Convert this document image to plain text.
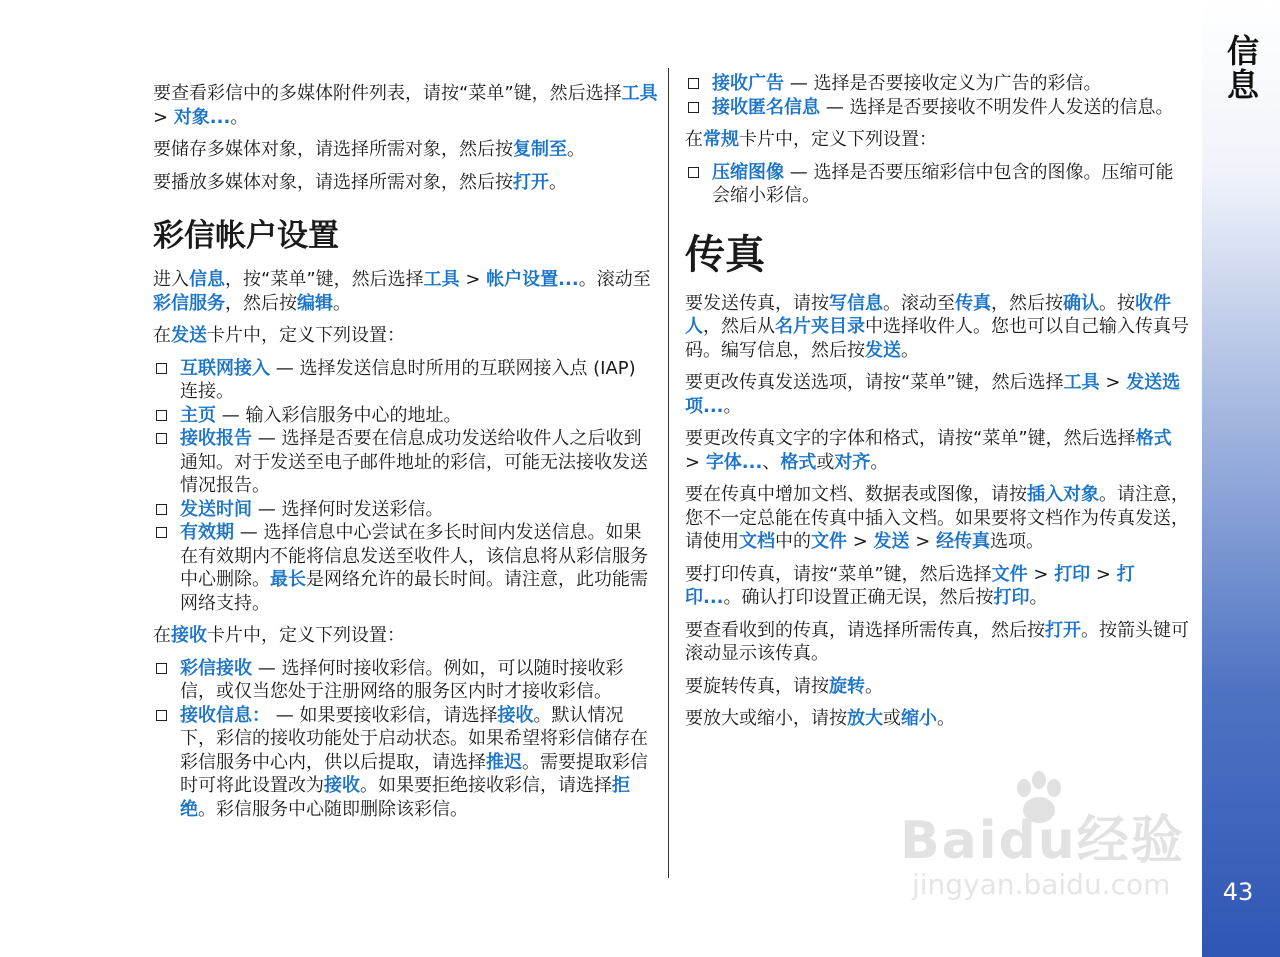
要查看彩信中的多媒体附件列表，请按“菜单”键，然后选择工具 > 对象...。

要储存多媒体对象，请选择所需对象，然后按复制至。

要播放多媒体对象，请选择所需对象，然后按打开。

彩信帐户设置

进入信息，按“菜单”键，然后选择工具 > 帐户设置...。滚动至彩信服务，然后按编辑。

在发送卡片中，定义下列设置：

互联网接入 — 选择发送信息时所用的互联网接入点 (IAP) 连接。
主页 — 输入彩信服务中心的地址。
接收报告 — 选择是否要在信息成功发送给收件人之后收到通知。对于发送至电子邮件地址的彩信，可能无法接收发送情况报告。
发送时间 — 选择何时发送彩信。
有效期 — 选择信息中心尝试在多长时间内发送信息。如果在有效期内不能将信息发送至收件人，该信息将从彩信服务中心删除。最长是网络允许的最长时间。请注意，此功能需网络支持。

在接收卡片中，定义下列设置：

彩信接收 — 选择何时接收彩信。例如，可以随时接收彩信，或仅当您处于注册网络的服务区内时才接收彩信。
接收信息： — 如果要接收彩信，请选择接收。默认情况下，彩信的接收功能处于启动状态。如果希望将彩信储存在彩信服务中心内，供以后提取，请选择推迟。需要提取彩信时可将此设置改为接收。如果要拒绝接收彩信，请选择拒绝。彩信服务中心随即删除该彩信。
接收广告 — 选择是否要接收定义为广告的彩信。
接收匿名信息 — 选择是否要接收不明发件人发送的信息。

在常规卡片中，定义下列设置：

压缩图像 — 选择是否要压缩彩信中包含的图像。压缩可能会缩小彩信。
传真

要发送传真，请按写信息。滚动至传真，然后按确认。按收件人，然后从名片夹目录中选择收件人。您也可以自己输入传真号码。编写信息，然后按发送。

要更改传真发送选项，请按“菜单”键，然后选择工具 > 发送选项...。

要更改传真文字的字体和格式，请按“菜单”键，然后选择格式 > 字体...、格式或对齐。

要在传真中增加文档、数据表或图像，请按插入对象。请注意，您不一定总能在传真中插入文档。如果要将文档作为传真发送，请使用文档中的文件 > 发送 > 经传真选项。

要打印传真，请按“菜单”键，然后选择文件 > 打印 > 打印...。确认打印设置正确无误，然后按打印。

要查看收到的传真，请选择所需传真，然后按打开。按箭头键可滚动显示该传真。

要旋转传真，请按旋转。

要放大或缩小，请按放大或缩小。

信息
43
Baidu经验
jingyan.baidu.com
